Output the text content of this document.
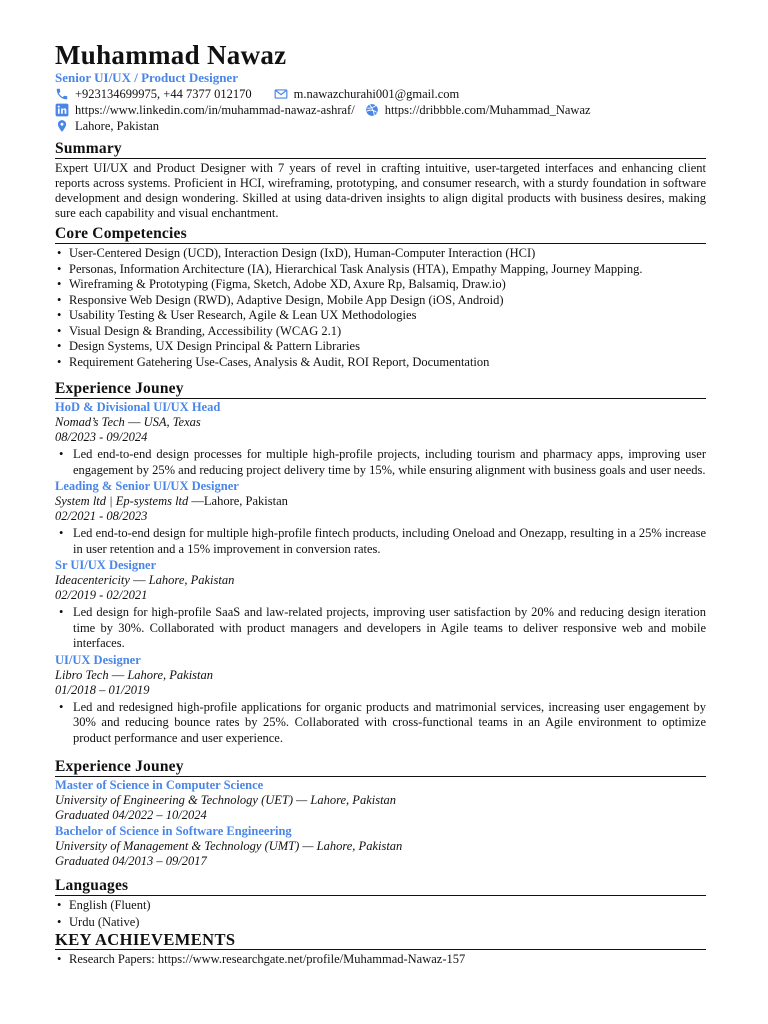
Muhammad Nawaz
Senior UI/UX / Product Designer
+923134699975, +44 7377 012170	m.nawazchurahi001@gmail.com
https://www.linkedin.com/in/muhammad-nawaz-ashraf/ https://dribbble.com/Muhammad_Nawaz
Lahore, Pakistan
Summary
Expert UI/UX and Product Designer with 7 years of revel in crafting intuitive, user-targeted interfaces and enhancing client reports across systems. Proficient in HCI, wireframing, prototyping, and consumer research, with a sturdy foundation in software development and design wondering. Skilled at using data-driven insights to align digital products with business desires, making sure each capability and visual enchantment.
Core Competencies
• User-Centered Design (UCD), Interaction Design (IxD), Human-Computer Interaction (HCI)
• Personas, Information Architecture (IA), Hierarchical Task Analysis (HTA), Empathy Mapping, Journey Mapping.
• Wireframing & Prototyping (Figma, Sketch, Adobe XD, Axure Rp, Balsamiq, Draw.io)
• Responsive Web Design (RWD), Adaptive Design, Mobile App Design (iOS, Android)
• Usability Testing & User Research, Agile & Lean UX Methodologies
• Visual Design & Branding, Accessibility (WCAG 2.1)
• Design Systems, UX Design Principal & Pattern Libraries
• Requirement Gatehering Use-Cases, Analysis & Audit, ROI Report, Documentation
Experience Jouney
HoD & Divisional UI/UX Head
Nomad’s Tech — USA, Texas
08/2023 - 09/2024
• Led end-to-end design processes for multiple high-profile projects, including tourism and pharmacy apps, improving user engagement by 25% and reducing project delivery time by 15%, while ensuring alignment with business goals and user needs.
Leading & Senior UI/UX Designer
System ltd | Ep-systems ltd —Lahore, Pakistan
02/2021 - 08/2023
• Led end-to-end design for multiple high-profile fintech products, including Oneload and Onezapp, resulting in a 25% increase in user retention and a 15% improvement in conversion rates.
Sr UI/UX Designer
Ideacentericity — Lahore, Pakistan
02/2019 - 02/2021
• Led design for high-profile SaaS and law-related projects, improving user satisfaction by 20% and reducing design iteration time by 30%. Collaborated with product managers and developers in Agile teams to deliver responsive web and mobile interfaces.
UI/UX Designer
Libro Tech — Lahore, Pakistan
01/2018 – 01/2019
• Led and redesigned high-profile applications for organic products and matrimonial services, increasing user engagement by 30% and reducing bounce rates by 25%. Collaborated with cross-functional teams in an Agile environment to optimize product performance and user experience.
Experience Jouney
Master of Science in Computer Science
University of Engineering & Technology (UET) — Lahore, Pakistan
Graduated 04/2022 – 10/2024
Bachelor of Science in Software Engineering
University of Management & Technology (UMT) — Lahore, Pakistan
Graduated 04/2013 – 09/2017
Languages
• English (Fluent)
• Urdu (Native)
KEY ACHIEVEMENTS
• Research Papers: https://www.researchgate.net/profile/Muhammad-Nawaz-157
